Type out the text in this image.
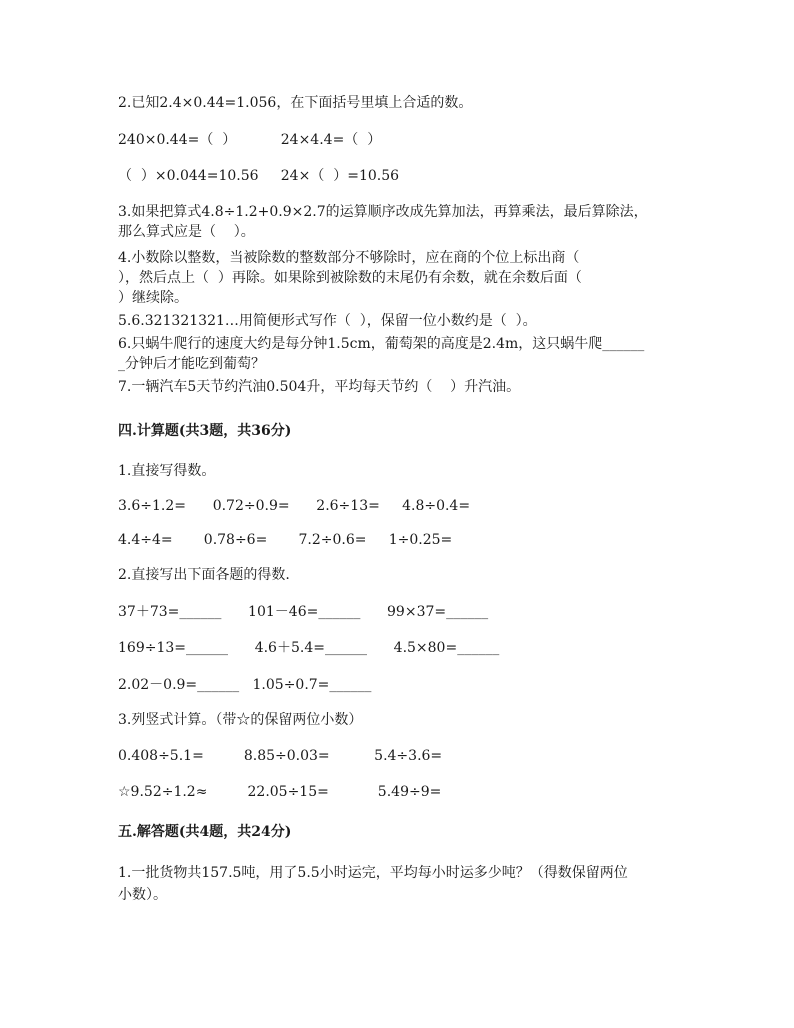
2.已知2.4×0.44=1.056，在下面括号里填上合适的数。
240×0.44=（  ）          24×4.4=（  ）
（  ）×0.044=10.56     24×（  ）=10.56
3.如果把算式4.8÷1.2+0.9×2.7的运算顺序改成先算加法，再算乘法，最后算除法，
那么算式应是（    ）。
4.小数除以整数，当被除数的整数部分不够除时，应在商的个位上标出商（
），然后点上（  ）再除。如果除到被除数的末尾仍有余数，就在余数后面（
）继续除。
5.6.321321321…用简便形式写作（  ），保留一位小数约是（  ）。
6.只蜗牛爬行的速度大约是每分钟1.5cm，葡萄架的高度是2.4m，这只蜗牛爬______
_分钟后才能吃到葡萄？
7.一辆汽车5天节约汽油0.504升，平均每天节约（    ）升汽油。
四.计算题(共3题，共36分)
1.直接写得数。
3.6÷1.2=      0.72÷0.9=      2.6÷13=     4.8÷0.4=
4.4÷4=       0.78÷6=       7.2÷0.6=     1÷0.25=
2.直接写出下面各题的得数.
37＋73=______      101－46=______      99×37=______
169÷13=______      4.6＋5.4=______      4.5×80=______
2.02－0.9=______   1.05÷0.7=______
3.列竖式计算。（带☆的保留两位小数）
0.408÷5.1=         8.85÷0.03=          5.4÷3.6=
☆9.52÷1.2≈         22.05÷15=           5.49÷9=
五.解答题(共4题，共24分)
1.一批货物共157.5吨，用了5.5小时运完，平均每小时运多少吨？（得数保留两位
小数）。
